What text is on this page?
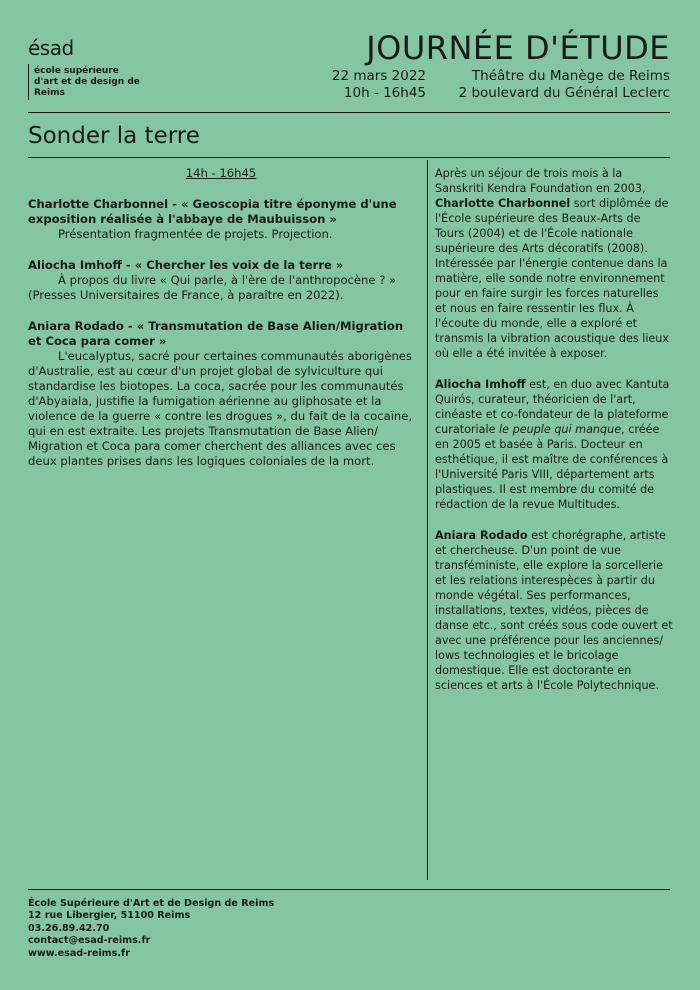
ésad
école supérieure d'art et de design de Reims
JOURNÉE D'ÉTUDE
22 mars 2022
10h - 16h45
Théâtre du Manège de Reims
2 boulevard du Général Leclerc
Sonder la terre
14h - 16h45
Charlotte Charbonnel - « Geoscopia titre éponyme d'une exposition réalisée à l'abbaye de Maubuisson »
Présentation fragmentée de projets. Projection.
Aliocha Imhoff - « Chercher les voix de la terre »
À propos du livre « Qui parle, à l'ère de l'anthropocène ? » (Presses Universitaires de France, à paraître en 2022).
Aniara Rodado - « Transmutation de Base Alien/Migration et Coca para comer »
L'eucalyptus, sacré pour certaines communautés aborigènes d'Australie, est au cœur d'un projet global de sylviculture qui standardise les biotopes. La coca, sacrée pour les communautés d'Abyaiala, justifie la fumigation aérienne au gliphosate et la violence de la guerre « contre les drogues », du fait de la cocaïne, qui en est extraite. Les projets Transmutation de Base Alien/ Migration et Coca para comer cherchent des alliances avec ces deux plantes prises dans les logiques coloniales de la mort.

Après un séjour de trois mois à la Sanskriti Kendra Foundation en 2003, Charlotte Charbonnel sort diplômée de l'École supérieure des Beaux-Arts de Tours (2004) et de l'École nationale supérieure des Arts décoratifs (2008). Intéressée par l'énergie contenue dans la matière, elle sonde notre environnement pour en faire surgir les forces naturelles et nous en faire ressentir les flux. À l'écoute du monde, elle a exploré et transmis la vibration acoustique des lieux où elle a été invitée à exposer.

Aliocha Imhoff est, en duo avec Kantuta Quirós, curateur, théoricien de l'art, cinéaste et co-fondateur de la plateforme curatoriale le peuple qui manque, créée en 2005 et basée à Paris. Docteur en esthétique, il est maître de conférences à l'Université Paris VIII, département arts plastiques. Il est membre du comité de rédaction de la revue Multitudes.

Aniara Rodado est chorégraphe, artiste et chercheuse. D'un point de vue transféministe, elle explore la sorcellerie et les relations interespèces à partir du monde végétal. Ses performances, installations, textes, vidéos, pièces de danse etc., sont créés sous code ouvert et avec une préférence pour les anciennes/ lows technologies et le bricolage domestique. Elle est doctorante en sciences et arts à l'École Polytechnique.

École Supérieure d'Art et de Design de Reims
12 rue Libergier, 51100 Reims
03.26.89.42.70
contact@esad-reims.fr
www.esad-reims.fr
